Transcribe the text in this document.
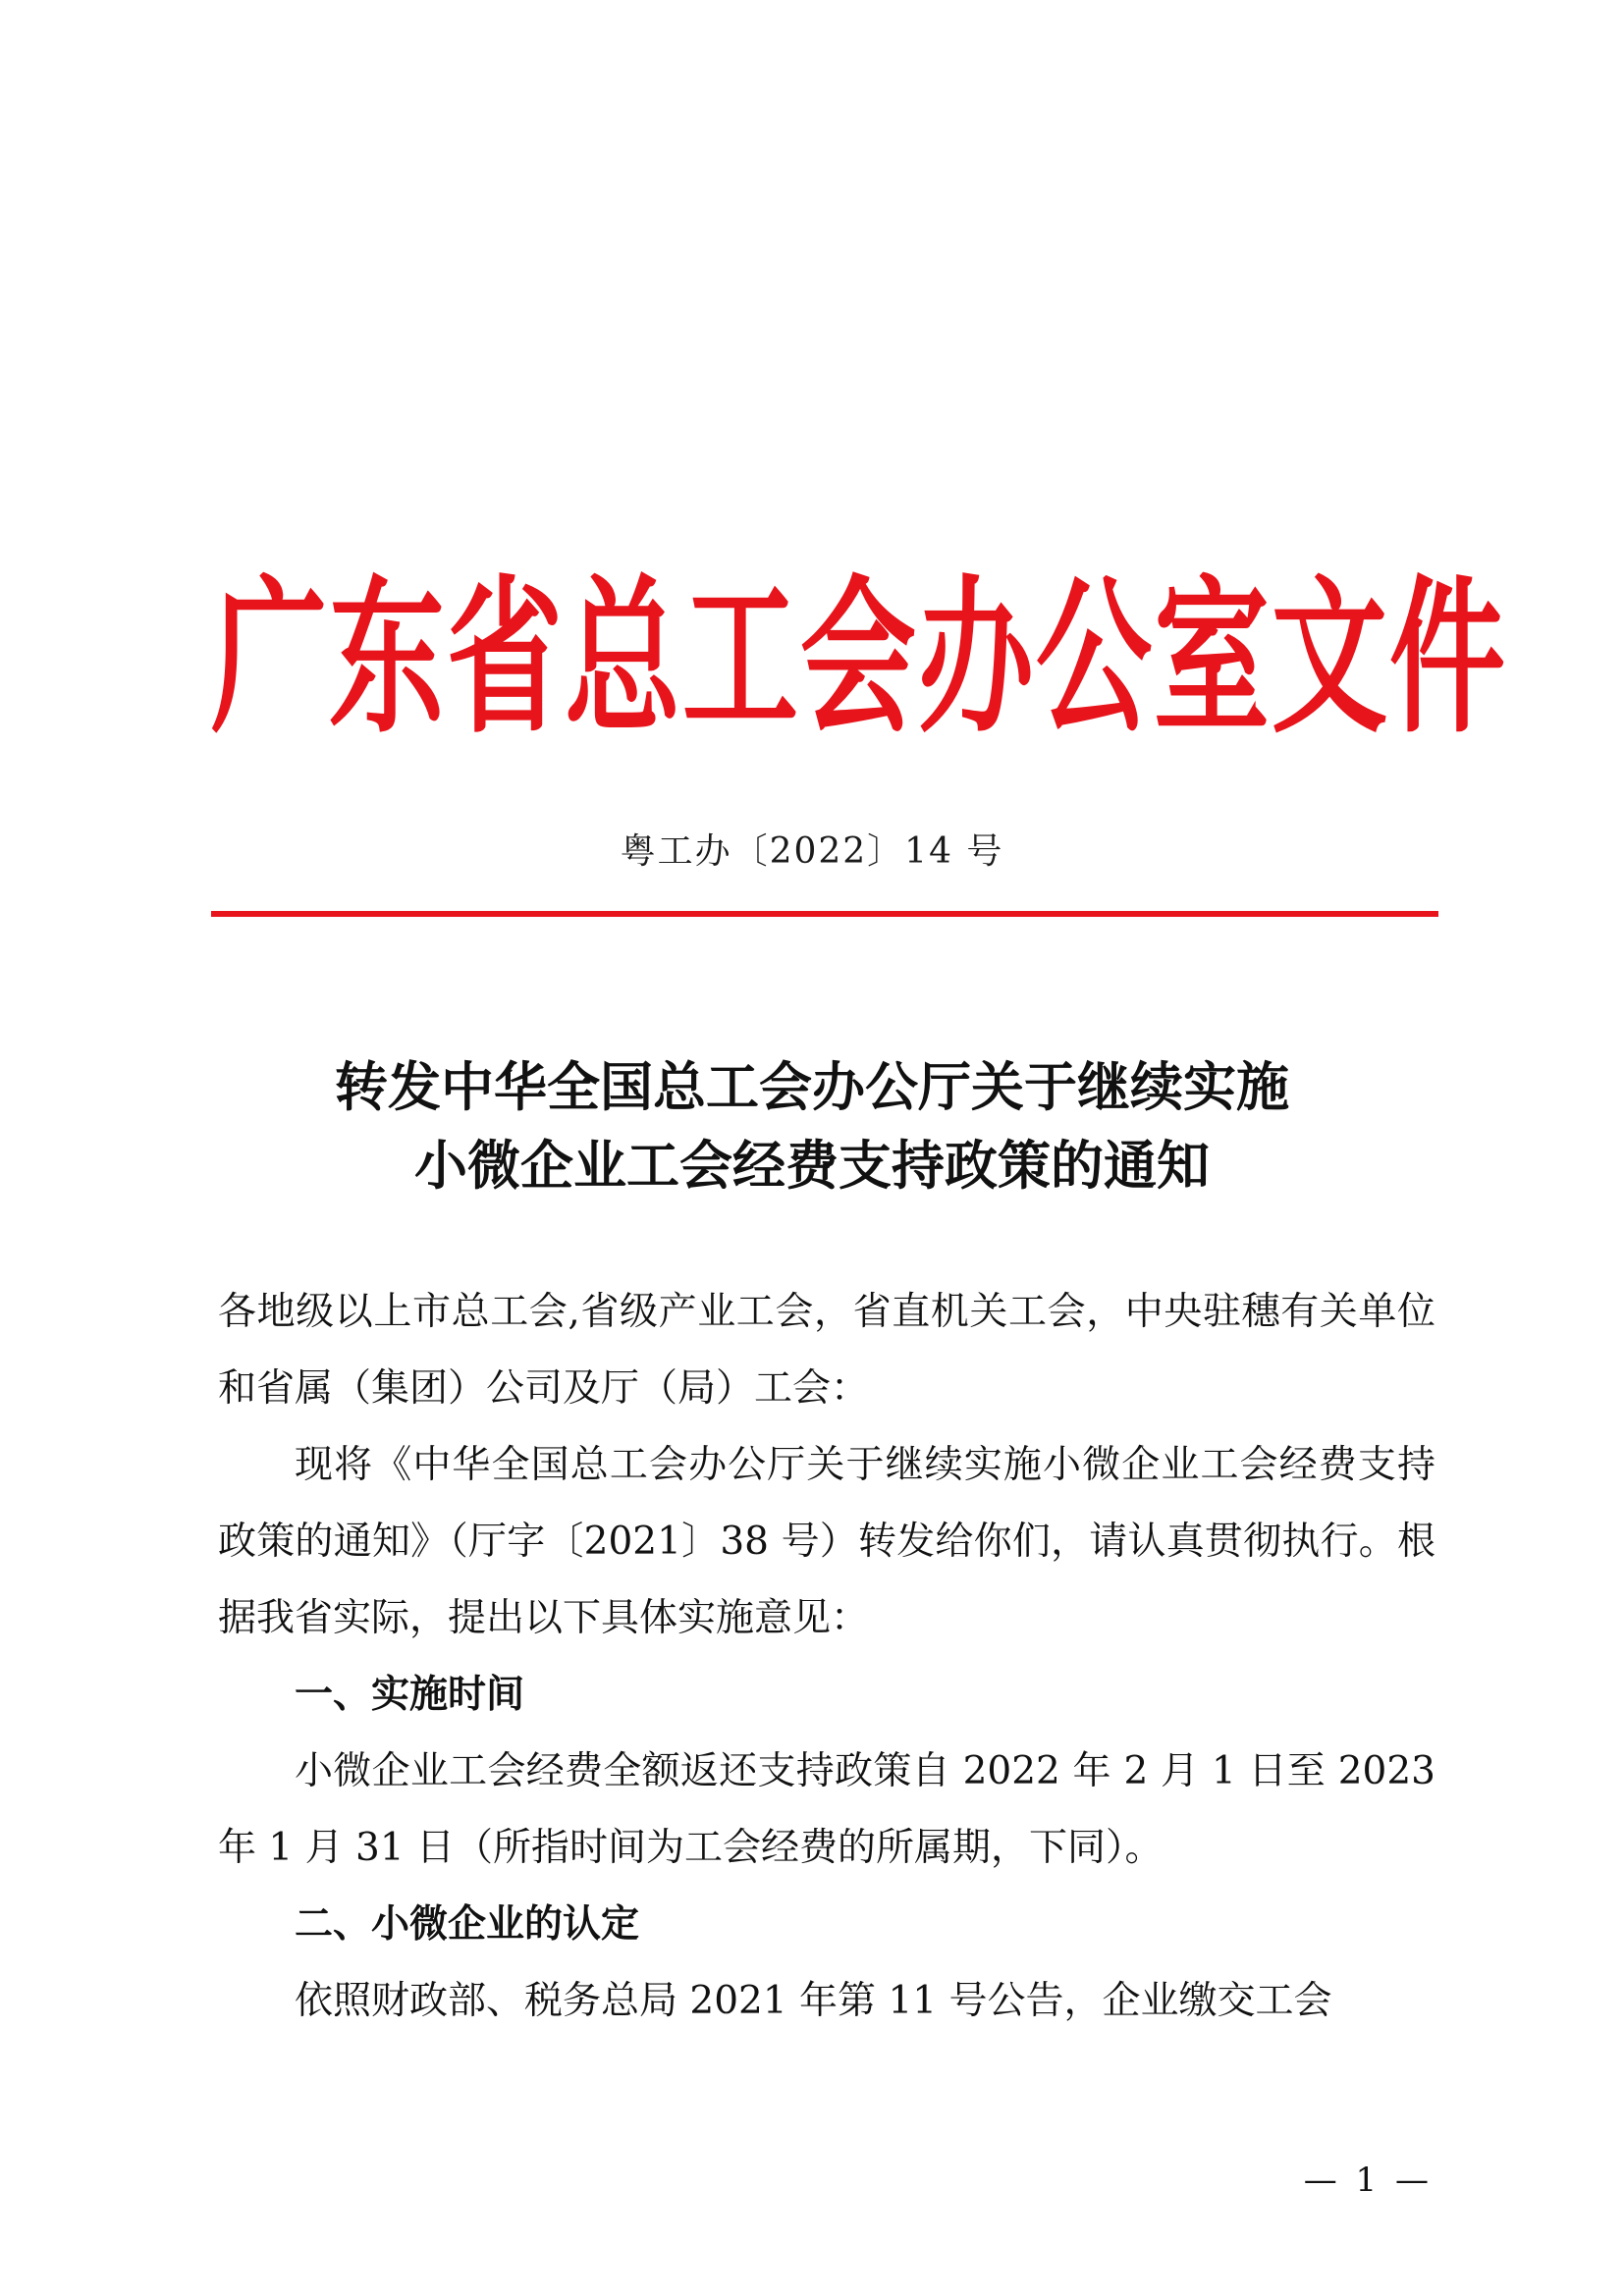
广东省总工会办公室文件
粤工办〔2022〕14 号
转发中华全国总工会办公厅关于继续实施
小微企业工会经费支持政策的通知

各地级以上市总工会,省级产业工会，省直机关工会，中央驻穗有关单位和省属（集团）公司及厅（局）工会：

现将《中华全国总工会办公厅关于继续实施小微企业工会经费支持政策的通知》（厅字〔2021〕38 号）转发给你们，请认真贯彻执行。根据我省实际，提出以下具体实施意见：

一、实施时间

小微企业工会经费全额返还支持政策自 2022 年 2 月 1 日至 2023 年 1 月 31 日（所指时间为工会经费的所属期，下同）。

二、小微企业的认定

依照财政部、税务总局 2021 年第 11 号公告，企业缴交工会

— 1 —
